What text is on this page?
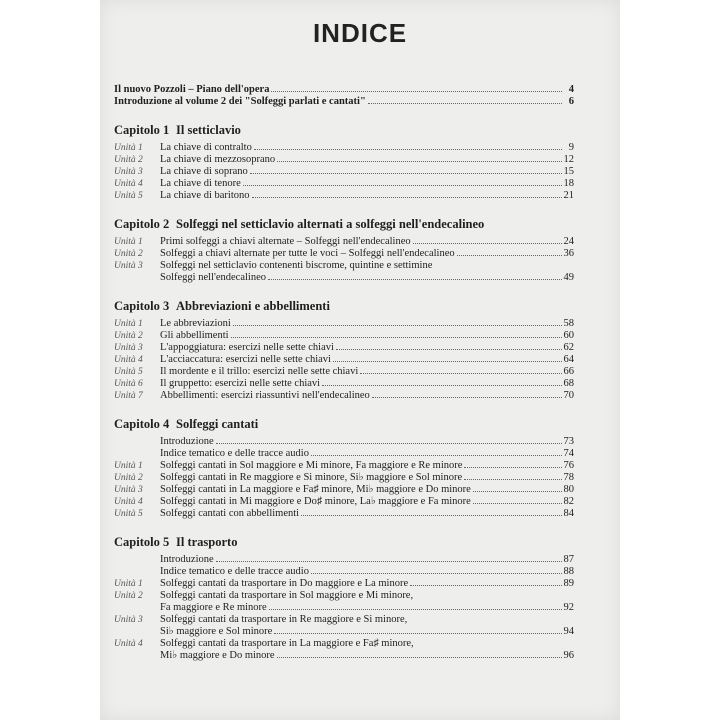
INDICE
Il nuovo Pozzoli – Piano dell'opera	4
Introduzione al volume 2 dei "Solfeggi parlati e cantati"	6
Capitolo 1 Il setticlavio
Unità 1	La chiave di contralto	9
Unità 2	La chiave di mezzosoprano	12
Unità 3	La chiave di soprano	15
Unità 4	La chiave di tenore	18
Unità 5	La chiave di baritono	21
Capitolo 2 Solfeggi nel setticlavio alternati a solfeggi nell'endecalineo
Unità 1	Primi solfeggi a chiavi alternate – Solfeggi nell'endecalineo	24
Unità 2	Solfeggi a chiavi alternate per tutte le voci – Solfeggi nell'endecalineo	36
Unità 3	Solfeggi nel setticlavio contenenti biscrome, quintine e settimine
Solfeggi nell'endecalineo	49
Capitolo 3 Abbreviazioni e abbellimenti
Unità 1	Le abbreviazioni	58
Unità 2	Gli abbellimenti	60
Unità 3	L'appoggiatura: esercizi nelle sette chiavi	62
Unità 4	L'acciaccatura: esercizi nelle sette chiavi	64
Unità 5	Il mordente e il trillo: esercizi nelle sette chiavi	66
Unità 6	Il gruppetto: esercizi nelle sette chiavi	68
Unità 7	Abbellimenti: esercizi riassuntivi nell'endecalineo	70
Capitolo 4 Solfeggi cantati
Introduzione	73
Indice tematico e delle tracce audio	74
Unità 1	Solfeggi cantati in Sol maggiore e Mi minore, Fa maggiore e Re minore	76
Unità 2	Solfeggi cantati in Re maggiore e Si minore, Si♭ maggiore e Sol minore	78
Unità 3	Solfeggi cantati in La maggiore e Fa♯ minore, Mi♭ maggiore e Do minore	80
Unità 4	Solfeggi cantati in Mi maggiore e Do♯ minore, La♭ maggiore e Fa minore	82
Unità 5	Solfeggi cantati con abbellimenti	84
Capitolo 5 Il trasporto
Introduzione	87
Indice tematico e delle tracce audio	88
Unità 1	Solfeggi cantati da trasportare in Do maggiore e La minore	89
Unità 2	Solfeggi cantati da trasportare in Sol maggiore e Mi minore,
Fa maggiore e Re minore	92
Unità 3	Solfeggi cantati da trasportare in Re maggiore e Si minore,
Si♭ maggiore e Sol minore	94
Unità 4	Solfeggi cantati da trasportare in La maggiore e Fa♯ minore,
Mi♭ maggiore e Do minore	96
